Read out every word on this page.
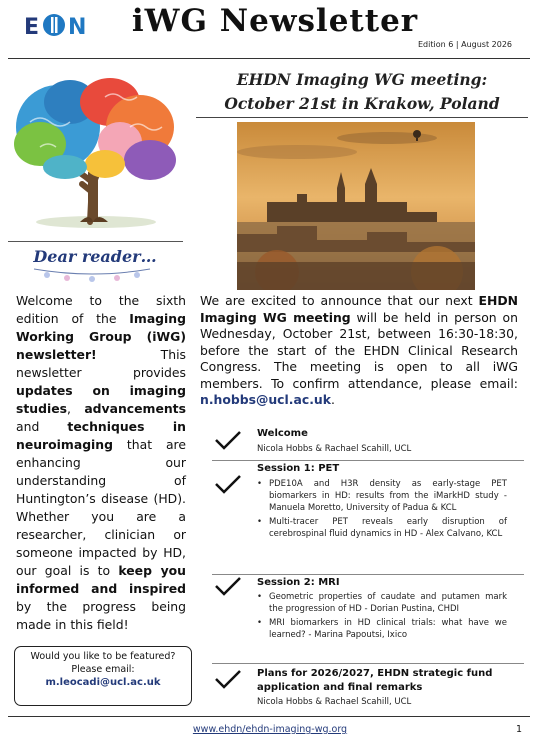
E N iWG Newsletter
Edition 6 | August 2026
Dear reader…
Welcome to the sixth edition of the Imaging Working Group (iWG) newsletter! This newsletter provides updates on imaging studies, advancements and techniques in neuroimaging that are enhancing our understanding of Huntington’s disease (HD). Whether you are a researcher, clinician or someone impacted by HD, our goal is to keep you informed and inspired by the progress being made in this field!
Would you like to be featured?
Please email:
m.leocadi@ucl.ac.uk
EHDN Imaging WG meeting:
October 21st in Krakow, Poland
We are excited to announce that our next EHDN Imaging WG meeting will be held in person on Wednesday, October 21st, between 16:30-18:30, before the start of the EHDN Clinical Research Congress. The meeting is open to all iWG members. To confirm attendance, please email: n.hobbs@ucl.ac.uk.
Welcome
Nicola Hobbs & Rachael Scahill, UCL
Session 1: PET
• PDE10A and H3R density as early-stage PET biomarkers in HD: results from the iMarkHD study - Manuela Moretto, University of Padua & KCL
• Multi-tracer PET reveals early disruption of cerebrospinal fluid dynamics in HD - Alex Calvano, KCL
Session 2: MRI
• Geometric properties of caudate and putamen mark the progression of HD - Dorian Pustina, CHDI
• MRI biomarkers in HD clinical trials: what have we learned? - Marina Papoutsi, Ixico
Plans for 2026/2027, EHDN strategic fund
application and final remarks
Nicola Hobbs & Rachael Scahill, UCL
www.ehdn/ehdn-imaging-wg.org	1
